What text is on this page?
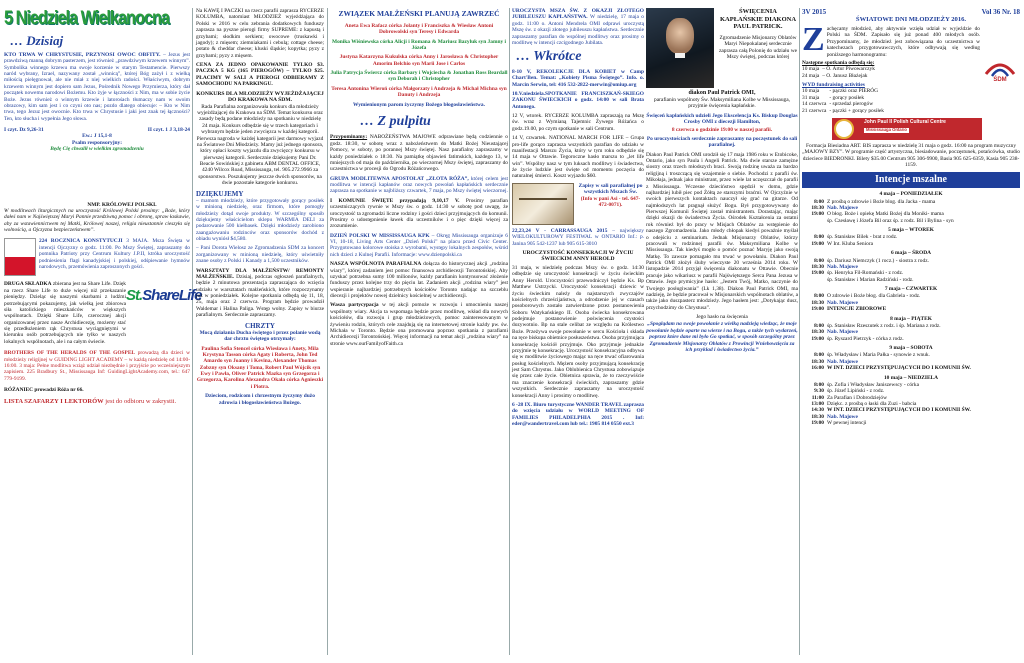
5 Niedziela Wielkanocna
… Dzisiaj
KTO TRWA W CHRYSTUSIE, PRZYNOSI OWOC OBFITY. – Jezus jest prawdziwą manną dobrym pasterzem, jest również „prawdziwym krzewem winnym”. Symbolika winnego krzewu ma swoje korzenie w starym Testamencie. Pierwszy naród wybrany, Izrael, nazywany został „winnicą”, której Bóg zażył i z wielką miłością pielęgnował, ale nie miał z niej wielkich radości. Właściwym, dobrym krzewem winnym jest dopiero sam Jezus, Pośrednik Nowego Przymierza, który dał początek nowemu narodowi Bożemu. Kto żyje w łączności z Nim, ma w sobie życie Boże. Jezus również o winnym krzewie i latorośach tłumaczy nam w swoim obrazowy, kim sam jest i co czyni oto nas; pozdo dlatego obiecuje: – Kto w Nim trwa, tego Jezuz jest owocnie. Kto trwa w Chrystusie i jaki jest znak tej łączności? Ten, kto słucha i wypełnia Jego słowa.
I czyt. Dz 9,26-31	II czyt. 1 J 3,18-24
Ew.: J 15,1-8
Psalm responsoryjny:
Będę Cię chwalił w wielkim zgromadzeniu
NMP. KRÓLOWEJ POLSKI.
W modlitwach liturgicznych na uroczystość Królowej Polski prosimy: „Boże, który dałeś nam w Najświętszej Maryi Pannie przedziwną pomoc i obronę, spraw łaskawie, aby za wstawiennictwem tej Matki, Królowej naszej, religia nieustannie cieszyła się wolnością, a Ojczyzna bezpieczeństwem”.
224 ROCZNICA KONSTYTUCJI 3 MAJA. Msza Święta w intencji Ojczyzny o godz. 11:00. Po Mszy Świętej, zapraszamy do pomnika Patrioty przy Centrum Kultury J.P.II, ktróka uroczystość podniesienia flagi kanadyjskiej i polskiej, odśpiewanie hymnów narodowych, przemówienia zaproszonych gości.
DRUGA SKŁADKA zbierana jest na Share Life. Dzięk na rzecz Share Life to duże więcej niż przekazanie pieniędzy. Dzieląc się naszymi skarbami z ludźmi potrzebującymi pokazujemy, jak wielką jest zbiorowa siła katolickiego mieszkańców w większych wspólnotach. Dzięki Share Life, czerocznej akcji organizowanej przez nasze Archidiecezję, możemy stać się przedłużeniem rąk Chrystusa wyciągniętymi w kierunku osób potrzebujących nie tylko w naszych lokalnych wspólnotach, ale i na całym świecie.
St.ShareLife
BROTHERS OF THE HERALDS OF THE GOSPEL prowadzą dla dzieci w młodzieży religijnej w GUIDING LIGHT ACADEMY – w każdą niedzielę od 14:00-16:00. 3 maja: Pełne modlitwa wziąż udział niezbędnie i przyjście po wcześniejszym zapisiem. 225 Bradbury St., Mississauga Inf: GuidingLightAcademy.com, tel.: 647 779-9199.
RÓŻANIEC prowadzi Róża nr 66.
LISTA SZAFARZY I LEKTORÓW jest do odbioru w zakrystii.

Na KAWĘ I PACZKI na rzecz parafii zaprasza RYCERZE KOLUMBA, natomiast MŁODZIEŻ wyjeżdżająca do Polski w 2016 w celu zebrania dodatkowych funduszy zaprasza na pyszne pierogi firmy SUPREME: z kapustą i grzybami; słodkim serkiem; owocowe (truskawki i jagody); z mięsem; ziemniakami i cebulą; cottage cheese; potato & cheddar cheese; kluski śląskie; kopytka; pyzy z grzybami; pyzy z mięsem.

CENA ZA JEDNO OPAKOWANIE TYLKO $3. PACZKA 5 KG (165 PIEROGÓW) – TYLKO $25. PŁACIMY W SALI A PIEROGI ODBIERAMY Z SAMOCHODU NA PARKINGU.

KONKURS DLA MŁODZIEŻY WYJEŻDŻAJĄCEJ DO KRAKOWA NA ŚDM.

Rada Parafialna zorganizowała konkurs dla młodzieży wyjeżdżającej do Krakowa na ŚDM. Temat konkursu oraz zasady będą podane młodzieży na spotkaniu w niedzielę 24 maja. Konkurs odbędzie się w trzech kategoriach i wybranym będzie jeden zwycięzca w każdej kategorii. Pierwsza nagroda w każdej kategorii jest darmowy wyjazd na Światowe Dni Młodzieży. Mamy już jednego sponsora, który opłaci koszty wyjazdu dla zwycięzcy konkursu w pierwszej kategorii. Serdecznie dziękujemy Pani Dr. Beacie Sowińskiej z gabinetu ABM DENTAL OFFICE, 4240 Wilcox Road, Mississauga, tel. 905.272.9966 za sponsorstwo. Poszukujemy jeszcze dwóch sponsorów, na dwie pozostałe kategorie konkursu.

DZIĘKUJEMY

– mamom młodzieży, które przygotowały gorący posiłek w minioną niedzielę, oraz firmom, które pomogły młodzieży dotąd swoje produkty. W szczególny sposób dziękujemy właścicielom sklepu WARMIA DELI za podarowanie 500 kiełbasek. Dzięki młodzieży zarobiono zaangażowaniu rodzinców oraz sponsorów dochód z obiadu wyniósł $4,580.

– Pani Dorota Wielosz ze Zgromadzenia SDM za koncert zorganizowany w minioną niedzielę, który uświetniły znane osoby z Polski i Kanady a 1,500 uczestników.

WARSZTATY DLA MAŁŻEŃSTW/ REMONTY MAŁŻEŃSKIE. Dzisiaj, podczas ogłoszeń parafialnych, będzie 2 minutowa prezentacja zapraszająca do wzięcia udziału w warsztatach małżeńskich, które rozpoczynamy już w poniedziałek. Kolejne spotkania odbędą się 11, 18, 25, maja oraz 2 czerwca. Program będzie prowadził Waldemar i Halina Paliga. Wstęp wolny. Zapisy w biurze parafialnym. Serdecznie zapraszamy.

CHRZTY

Mocą działania Ducha świętego i przez polanie wodą dar chrztu świętego otrzymały:

Paulina Sofia Stencel córka Wiesława i Anety, Mila Krystyna Tasson córka Agaty i Roberta, John Ted Amardo syn Joanny i Kevina, Alexander Thomas Zobzny syn Oksany i Toma, Robert Paul Wójcik syn Ewy i Pawła, Oliver Patrick Mazka syn Grzegorza i Grzegorza, Karolina Alexandra Okała córka Agnieszki i Piotra.

Dzieciom, rodzicom i chrzestnym życzymy dużo zdrowia i błogosławieństwa Bożego.

ZWIĄZEK MAŁŻEŃSKI PLANUJĄ ZAWRZEĆ

Aneta Ewa Rafacz córka Jolanty i Franciszka & Wiesław Antoni Dobrowolski syn Teresy i Edwarda

Monika Wiśniewska córka Alicji i Romana & Mariusz Bazyluk syn Jamny i Józefa

Justyna Katarzyna Kukulska córka Anny i Jarosława & Christopher Amorim Belchio syn Marii Jose i Carlos

Julia Patrycja Świercz córka Barbary i Wojciecha & Jonathan Ross Beardall syn Deborah i Christopher

Teresa Antonina Wieroń córka Małgorzaty i Andrzeja & Michał Michna syn Danuty i Andrzeja

Wymienionym parom życzymy Bożego błogosławieństwa.

… Z pulpitu

Przypominamy: NABOŻEŃSTWA MAJOWE odprawiane będą codziennie o godz. 18:30, w sobotę wraz z nabożeństwem do Matki Bożej Nieustającej Pomocy, w soboty, po porannej Mszy świętej. Nasz parafialny zapraszamy w każdy poniedziałek o 18:30. Na pamiątkę objawień fatimskich, każdego 13, w mniejszych od maja do października, po wieczornej Mszy świętej, zapraszamy do uczestnictwa w procesji do Ogrodu Różańcowego.

GRUPA MODLITEWNA APOSTOŁAT „ZŁOTA RÓŻA”, której celem jest modlitwa w intencji kapłanów oraz nowych powołań kapłańskich serdecznie zaprasza na spotkanie w najbliższy czwartek, 7 maja, po Mszy świętej wieczornej.

I KOMUNIE ŚWIĘTE przypadają 9,10,17 V. Prosimy parafian uczestniczących rywnie w Mszy św. o godz. 14:30 w sobotę pod uwagę, że uroczystość ta zgromadzi liczne rodziny i gości dzieci przyjmujących do komunii. Prosimy o udostępnienie ławek dla uczestników i o pięc dzięki więcej za zrozumienie.

DZIEŃ POLSKI W MISSISSAUGA KPK – Okręg Mississauga organizuje 6 VI, 10-18, Living Arts Center „Dzień Polski” na placu przed Civic Center. Przygotowano kolorowe stoiska z wyrobami, występy lokalnych zespołów, wśród nich dzieci z Kulnej Parafii. Informacje: www.dzienpolski.ca

NASZA WSPÓLNOTA PARAFIALNA dołącza do historycznej akcji „rodzina wiary”, której zadaniem jest pomoc finansowa archidiecezji Torontońskiej. Aby uzyskać potrzebna sumy 100 milionów, każdy parafianin kontynuować złożenie funduszy przez kolejne trzy do pięciu lat. Zadaniem akcji „rodzina wiary” jest wspieranie najbardziej potrzebnych kościołów Toronto nadając na szczeblu diecezji i projektów nowej dzielnicy kościelnej w archidiecezji.

Wasza partycypacja w tej akcji pomoże w rozwoju i umocnieniu naszej wspólnoty wiary. Akcja ta wspomaga będzie przez modlitwę, wkład dla nowych kościołów, dla rozwoju i grup młodzieżowych, pomoc zainteresowanym w żywieniu rodzin, których cele znajdują się na internetowej stronie każdy pw. św. Michała w Toronto. Będzie ona promowana poprzez spotkania z parafiami Archidiecezji Torontońskiej. Więcej informacji na temat akcji „rodzina wiary” na stronie www.ourFamilyofFaith.ca

UROCZYSTA MSZA ŚW. Z OKAZJI ZŁOTEGO JUBILEUSZU KAPŁAŃSTWA. W niedzielę, 17 maja o godz. 11:00 o. Antoni Mendrela OMI odprawi uroczystą Mszę św. z okazji złotego jubileuszu kapłaństwa. Serdecznie zapraszamy parafian do wspólnej modlitwy oraz prosimy o modlitwę w intencji czcigodnego Jubilata.

… Wkrótce

8-10 V, REKOLEKCJE DLA KOBIET w Camp Chart'Ben. Temat: „Kobiety Pisma Świętego”. Info. o. Marcin Serwin, tel: 416 532-2822-merwin@omiup.org

10.V.niedziela.SPOTKANIE FRANCISZKAŃ-SKIEGO ZAKONU ŚWIECKICH o godz. 14:00 w sali Brata Antonego.

12 V, wtorek. RYCERZE KOLUMBA zapraszają na Mszę św. wraz z Wymianą Tajemnic Żywego Różańca o godz.19.00, po czym spotkanie w sali Centrum.

14 V, czwartek. NATIONAL MARCH FOR LIFE – Grupa pro-life gorąco zaprasza wszystkich parafian do udziału w manifestacji Marszu Życia, który w tym roku odbędzie się 14 maja w Ottawie. Tegoroczne hasło marszu to „let life win”. Wspólny nasz w tym luksach modlitwy i świadectwa, że życie ludzkie jest święte od momentu poczęcia do naturalnej śmierci. Koszt wyjazdu $60.

Zapisy w sali parafialnej po wszystkich Mszach Św.
(Info w pani Asi - tel. 647-472-0071).

22,23,24 V - CARRASSAUGA 2015 – największy WIELOKULTUROWY FESTIWAL w ONTARIO Inf.: p. Janina 905 542-1237 lub 905 615-3010

UROCZYSTOŚĆ KONSEKRACJI W ŻYCIU ŚWIECKIM ANNY HEROLD

31 maja, w niedzielę podczas Mszy św. o godz. 14:30 odbędzie się uroczystość konsekracji w życiu świeckim Anny Herold. Uroczystości przewodniczył będzie Ks. Bp Matthew Ustrzycki. Uroczystość konsekracji dziewic w życiu świeckim należy do najstarszych zwyczajów kościelnych chrześcijaństwa, a odrodzenie jej w czasach posoborowych zostało zatwierdzone przez postanowienia Soboru Watykańskiego II. Osoba świecka konsekrowana podejmuje postanowienie poświęcenia czystości dozywotnio. Bp na stale celibat ze względu na Królestwo Boże. Przeżywa swoje powołanie w sercu Kościoła i składa na ręce biskupa obietnice posłuszeństwa. Osoba przyjmująca konsekrację kościół przyjmuje. Oko przyjmuje jednakże przyjmie tę konsekrację. Uroczystość konsekracyjna odbywa się w modlitwie życiowego mając na ręce trwać ofiarowania posług kościelnych. Mężem osoby przyjmującą konsekrację jest Sam Chrystus. Jako Oblubienica Chrystusa zobowiązuje się przez całe życie. Obietnica sprawia, że to rzeczywiście ma znaczenie konsekracji świeckich, zapraszamy gdzie wszystkich. Serdecznie zapraszamy na uroczystość konsekracji Anny i prosimy o modlitwę.

6 -28 IX. Biuro turystyczne WANDER TRAVEL zaprasza do wzięcia udziału w WORLD MEETING OF FAMILIES PHILADELPHIA 2015 . Inf: eder@wandertravel.com lub tel.: 1905 814 0550 ext.3

ŚWIĘCENIA KAPŁAŃSKIE DIAKONA PAUL PATRICK.
Zgromadzenie Misjonarzy Oblatów Maryi Niepokalanej serdecznie zaprasza całą Polonię do udziału we Mszy świętej, podczas której
diakon Paul Patrick OMI,

parafianin wspólnoty Św. Maksymiliana Kolbe w Mississauga, przyjmie święcenia kapłańskie.

Święceń kapłańskich udzieli Jego Ekscelencja Ks. Biskup Douglas Crosby OMI z diecezji Hamilton,

8 czerwca o godzinie 19:00 w naszej parafii.

Po uroczystościach serdecznie zapraszamy na poczęstunek do sali parafialnej.

Diakon Paul Patrick OMI urodził się 17 maja 1986 roku w Etobicoke, Ontario, jako syn Paula i Angeli Patrick. Ma dwie starsze zamężne siostry oraz trzech młodszych braci. Swoją rodzinę uważa za bardzo religijną i troszczącą się wzajemnie o siebie. Pochodzi z parafii św. Mikołaja, jednak jako ministrant, przez wiele lat uczęszczał do parafii z Mississauga. Wczesne dzieciństwo spędził w domu, gdzie najbardziej lubił piec pod Żółtą ze starszymi braćmi. W Ojczyźnie w swoich pierwszych kontaktach nauczył się grać na gitarze. Od najmłodszych lat pragnął służyć Bogu. Był przygotowywany do Pierwszej Komunii Świętej został ministrantem. Dorastając, mając dzięki okazji do świadectwa Życia. Ośrodek Kształcenia za ostatni rok również był do pracy w Misjach Oblatów za wstępienie do naszego Zgromadzenia. Jako młody chłopak kiedyś poważnie myślał o odejściu z seminarium. Jednak Misjonarzy Oblatów, którzy pracowali w rodzinnej parafii św. Maksymiliana Kolbe w Mississauga. Tak kiedyś mogło o pomóc poznać Maryję jako swoją Matkę. To zawsze pomagało mu trwać w powołaniu. Diakon Paul Patrick OMI złożył śluby wieczyste 20 września 2014 roku. W listopadzie 2014 przyjął święcenia diakonatu w Ottawie. Obecnie pracuje jako wikariusz w parafii Najświętszego Serca Pana Jezusa w Ottawie. Jego prymicyjne hasło: „Jestem Twój, Matko, naczynie do Twojego posługiwania” (Lk 1,38). Diakon Paul Patrick OMI, ma nadzieję, że będzie pracował w Misjonarskich wspólnotach oblatów, a także jako duszpasterz młodzieży. Jego hasłem jest: „Dotykając dusz, przychodzimy do Chrystusa”.

Jego hasło na święcenia

„Spoglądam na swoje powołanie z wielką nadzieją wiedząc, że moje powołanie będzie oparte na wierze i na Bogu, a także tych wydarzeń, poprzez które dane mi było Go spotkać, w sposób szczególny przez Zgromadzenie Misjonarzy Oblatów z Prowincji Wniebowzięcia za ich przykład i świadectwo życia.”

3V 2015	Vol 36 Nr. 18
ŚWIATOWE DNI MŁODZIEŻY 2016.
Z achęcamy młodzież, aby aktywnie wzięła udział w wyjeździe do Polski na ŚDM. Zapisało się już ponad 400 młodych osób. Przypominamy, że młodzież jest zobowiązana do uczestnictwa w katechezach przygotowawczych, które odbywają się według poniższego harmonogramu:
ŚDM
Następne spotkania odbędą się:
10 maja	– O. Artur Piwowarczyk
24 maja	– O. Janusz Błażejak
WYD fundraising activities
10 maja	- pączki oraz PIERÓG
31 maja	- gorący posiłek
14 czerwca	- sprzedaż pierogów
21 czerwca	- pączki + gorący posiłek
John Paul II Polish Cultural Centre
Mississauga Ontario

Formacja Biesiadna ART. BIS zaprasza w niedzielę 31 maja o godz. 16:00 na program muzyczny „MAJOWY BZY”. W programie część artystyczna, biesiadowanie, poczęstunek, potańcówka, studio dzieciece BIEDRONKI. Bilety $35.00 Centrum 905 306-9900, Basia 905 625-6359, Kasia 905 238-1159.

Intencje mszalne
4 maja – PONIEDZIAŁEK
8:00 Z prośbą o zdrowie i Boże blog. dla Jacka - mama
18:30 Nab. Majowe
19:00 O błog. Boże i opiekę Matki Bożej dla Moniki- mama
śp. Czesławę i Józefa Bil oraz śp. z rodz. Bil i Bylina - syn
5 maja – WTOREK
8:00 śp. Stanisław Bilek - brat z rodz.
19:00 W Int. Kluba Seniora
6 maja – ŚRODA
8:00 śp. Dariusz Niemczyk (1 rocz.) - siostra z rodz.
18:30 Nab. Majowe
19:00 śp. Henryka Fil-Romański - z rodz.
śp. Stanisław i Marian Radziński - rodz.
7 maja – CZWARTEK
8:00 O zdrowie i Boże błog. dla Gabriela - rodz.
18:30 Nab. Majowe
19:00 INTENCJE ZBIOROWE
8 maja – PIĄTEK
8:00 śp. Stanisław Rzeszutek z rodz. i śp. Mariana z rodz.
18:30 Nab. Majowe
19:00 śp. Ryszard Pietrzyk - córka z rodz.
9 maja – SOBOTA
8:00 śp. Władysław i Maria Pałka - synowie z wnuk.
18:30 Nab. Majowe
16:00 W INT. DZIECI PRZYSTĘPUJĄCYCH DO I KOMUNII ŚW.
10 maja – NIEDZIELA
8:00 śp. Zofia i Władysław Janiszewscy - córka
9:30 śp. Józef Lipiński - z rodz.
11:00 Za Parafian i Dobrodziejów
13:00 Dziękc. z prośbą o łaski dla Zuzi - babcia
14:30 W INT. DZIECI PRZYSTĘPUJĄCYCH DO I KOMUNII ŚW.
18:30 Nab. Majowe
19:00 W pewnej intencji
